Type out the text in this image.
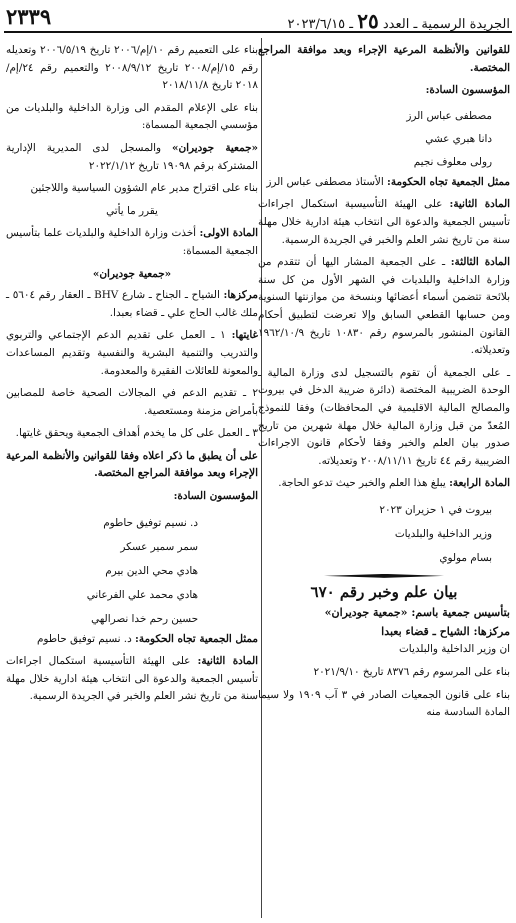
٢٣٣٩	الجريدة الرسمية ـ العدد ٢٥ ـ ٢٠٢٣/٦/١٥

للقوانين والأنظمة المرعية الإجراء وبعد موافقة المراجع المختصة.

المؤسسون السادة:

مصطفى عباس الرز

دانا هبري عشي

رولى معلوف نجيم

ممثل الجمعية تجاه الحكومة: الأستاذ مصطفى عباس الرز

المادة الثانية: على الهيئة التأسيسية استكمال اجراءات تأسيس الجمعية والدعوة الى انتخاب هيئة ادارية خلال مهلة سنة من تاريخ نشر العلم والخبر في الجريدة الرسمية.

المادة الثالثة: ـ على الجمعية المشار اليها أن تتقدم من وزارة الداخلية والبلديات في الشهر الأول من كل سنة بلائحة تتضمن أسماء أعضائها وبنسخة من موازنتها السنوية ومن حسابها القطعي السابق وإلا تعرضت لتطبيق أحكام القانون المنشور بالمرسوم رقم ١٠٨٣٠ تاريخ ١٩٦٢/١٠/٩ وتعديلاته.

ـ على الجمعية أن تقوم بالتسجيل لدى وزارة المالية ـ الوحدة الضريبية المختصة (دائرة ضريبة الدخل في بيروت والمصالح المالية الاقليمية في المحافظات) وفقا للنموذج المُعدّ من قبل وزارة المالية خلال مهلة شهرين من تاريخ صدور بيان العلم والخبر وفقا لأحكام قانون الاجراءات الضريبية رقم ٤٤ تاريخ ٢٠٠٨/١١/١١ وتعديلاته.

المادة الرابعة: يبلغ هذا العلم والخبر حيث تدعو الحاجة.

بيروت في ١ حزيران ٢٠٢٣

وزير الداخلية والبلديات

بسام مولوي

بيان علم وخبر رقم ٦٧٠

بتأسيس جمعية باسم: «جمعية جوديران»

مركزها: الشياح ـ قضاء بعبدا

ان وزير الداخلية والبلديات

بناء على المرسوم رقم ٨٣٧٦ تاريخ ٢٠٢١/٩/١٠

بناء على قانون الجمعيات الصادر في ٣ آب ١٩٠٩ ولا سيما المادة السادسة منه

بناء على التعميم رقم ١٠/إم/٢٠٠٦ تاريخ ٢٠٠٦/٥/١٩ وتعديله رقم ١٥/إم/٢٠٠٨ تاريخ ٢٠٠٨/٩/١٢ والتعميم رقم ٢٤/إم/٢٠١٨ تاريخ ٢٠١٨/١١/٨

بناء على الإعلام المقدم الى وزارة الداخلية والبلديات من مؤسسي الجمعية المسماة:

«جمعية جوديران» والمسجل لدى المديرية الإدارية المشتركة برقم ١٩٠٩٨ تاريخ ٢٠٢٢/١/١٢

بناء على اقتراح مدير عام الشؤون السياسية واللاجئين

يقرر ما يأتي

المادة الاولى: أخذت وزارة الداخلية والبلديات علما بتأسيس الجمعية المسماة:

«جمعية جوديران»

مركزها: الشياح ـ الجناح ـ شارع BHV ـ العقار رقم ٥٦٠٤ ـ ملك غالب الحاج علي ـ قضاء بعبدا.

غايتها: ١ ـ العمل على تقديم الدعم الإجتماعي والتربوي والتدريب والتنمية البشرية والنفسية وتقديم المساعدات والمعونة للعائلات الفقيرة والمعدومة.

٢ ـ تقديم الدعم في المجالات الصحية خاصة للمصابين بأمراض مزمنة ومستعصية.

٣ ـ العمل على كل ما يخدم أهداف الجمعية ويحقق غايتها.

على أن يطبق ما ذكر اعلاه وفقا للقوانين والأنظمة المرعية الإجراء وبعد موافقة المراجع المختصة.

المؤسسون السادة:

د. نسيم توفيق حاطوم

سمر سمير عسكر

هادي محي الدين بيرم

هادي محمد علي الفرعاني

حسين رحم خدا نصرالهي

ممثل الجمعية تجاه الحكومة: د. نسيم توفيق حاطوم

المادة الثانية: على الهيئة التأسيسية استكمال اجراءات تأسيس الجمعية والدعوة الى انتخاب هيئة ادارية خلال مهلة سنة من تاريخ نشر العلم والخبر في الجريدة الرسمية.
